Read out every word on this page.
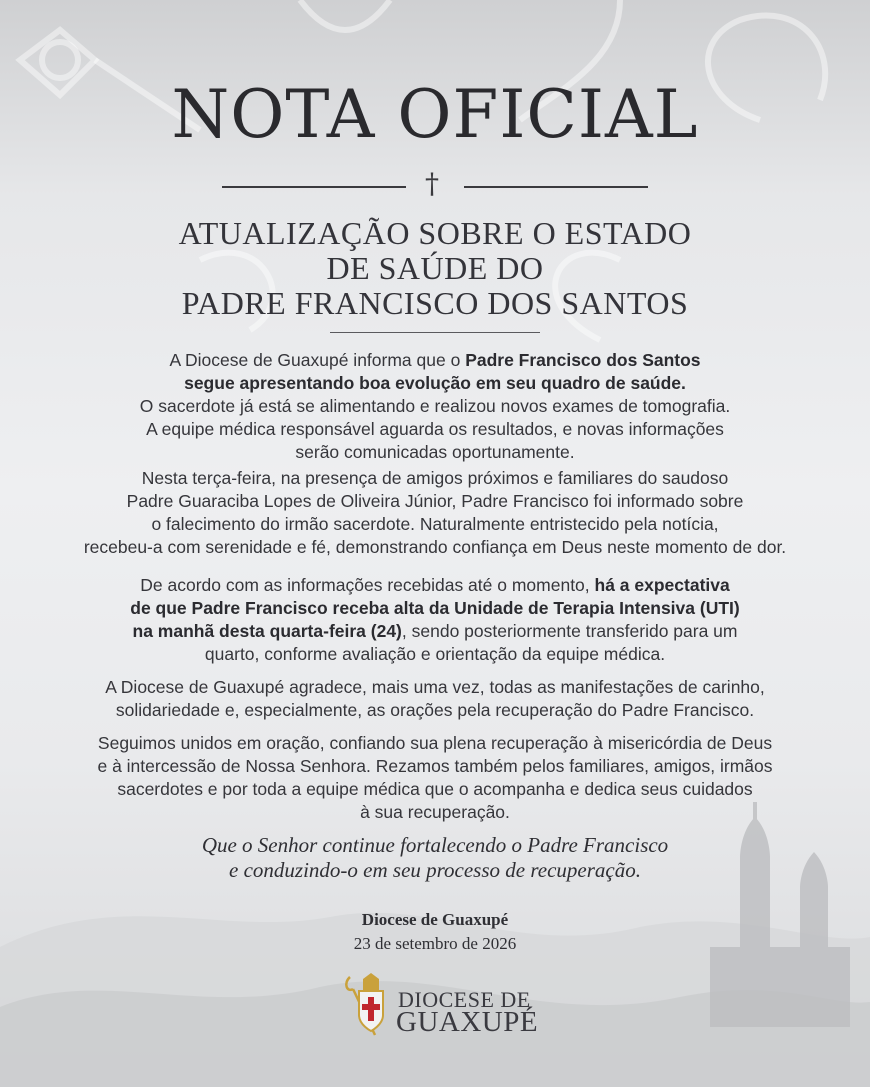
NOTA OFICIAL
†
ATUALIZAÇÃO SOBRE O ESTADO
DE SAÚDE DO
PADRE FRANCISCO DOS SANTOS
A Diocese de Guaxupé informa que o Padre Francisco dos Santos
segue apresentando boa evolução em seu quadro de saúde.
O sacerdote já está se alimentando e realizou novos exames de tomografia.
A equipe médica responsável aguarda os resultados, e novas informações
serão comunicadas oportunamente.
Nesta terça-feira, na presença de amigos próximos e familiares do saudoso
Padre Guaraciba Lopes de Oliveira Júnior, Padre Francisco foi informado sobre
o falecimento do irmão sacerdote. Naturalmente entristecido pela notícia,
recebeu-a com serenidade e fé, demonstrando confiança em Deus neste momento de dor.
De acordo com as informações recebidas até o momento, há a expectativa
de que Padre Francisco receba alta da Unidade de Terapia Intensiva (UTI)
na manhã desta quarta-feira (24), sendo posteriormente transferido para um
quarto, conforme avaliação e orientação da equipe médica.
A Diocese de Guaxupé agradece, mais uma vez, todas as manifestações de carinho,
solidariedade e, especialmente, as orações pela recuperação do Padre Francisco.
Seguimos unidos em oração, confiando sua plena recuperação à misericórdia de Deus
e à intercessão de Nossa Senhora. Rezamos também pelos familiares, amigos, irmãos
sacerdotes e por toda a equipe médica que o acompanha e dedica seus cuidados
à sua recuperação.
Que o Senhor continue fortalecendo o Padre Francisco
e conduzindo-o em seu processo de recuperação.
Diocese de Guaxupé
23 de setembro de 2026
DIOCESE DE
GUAXUPÉ
